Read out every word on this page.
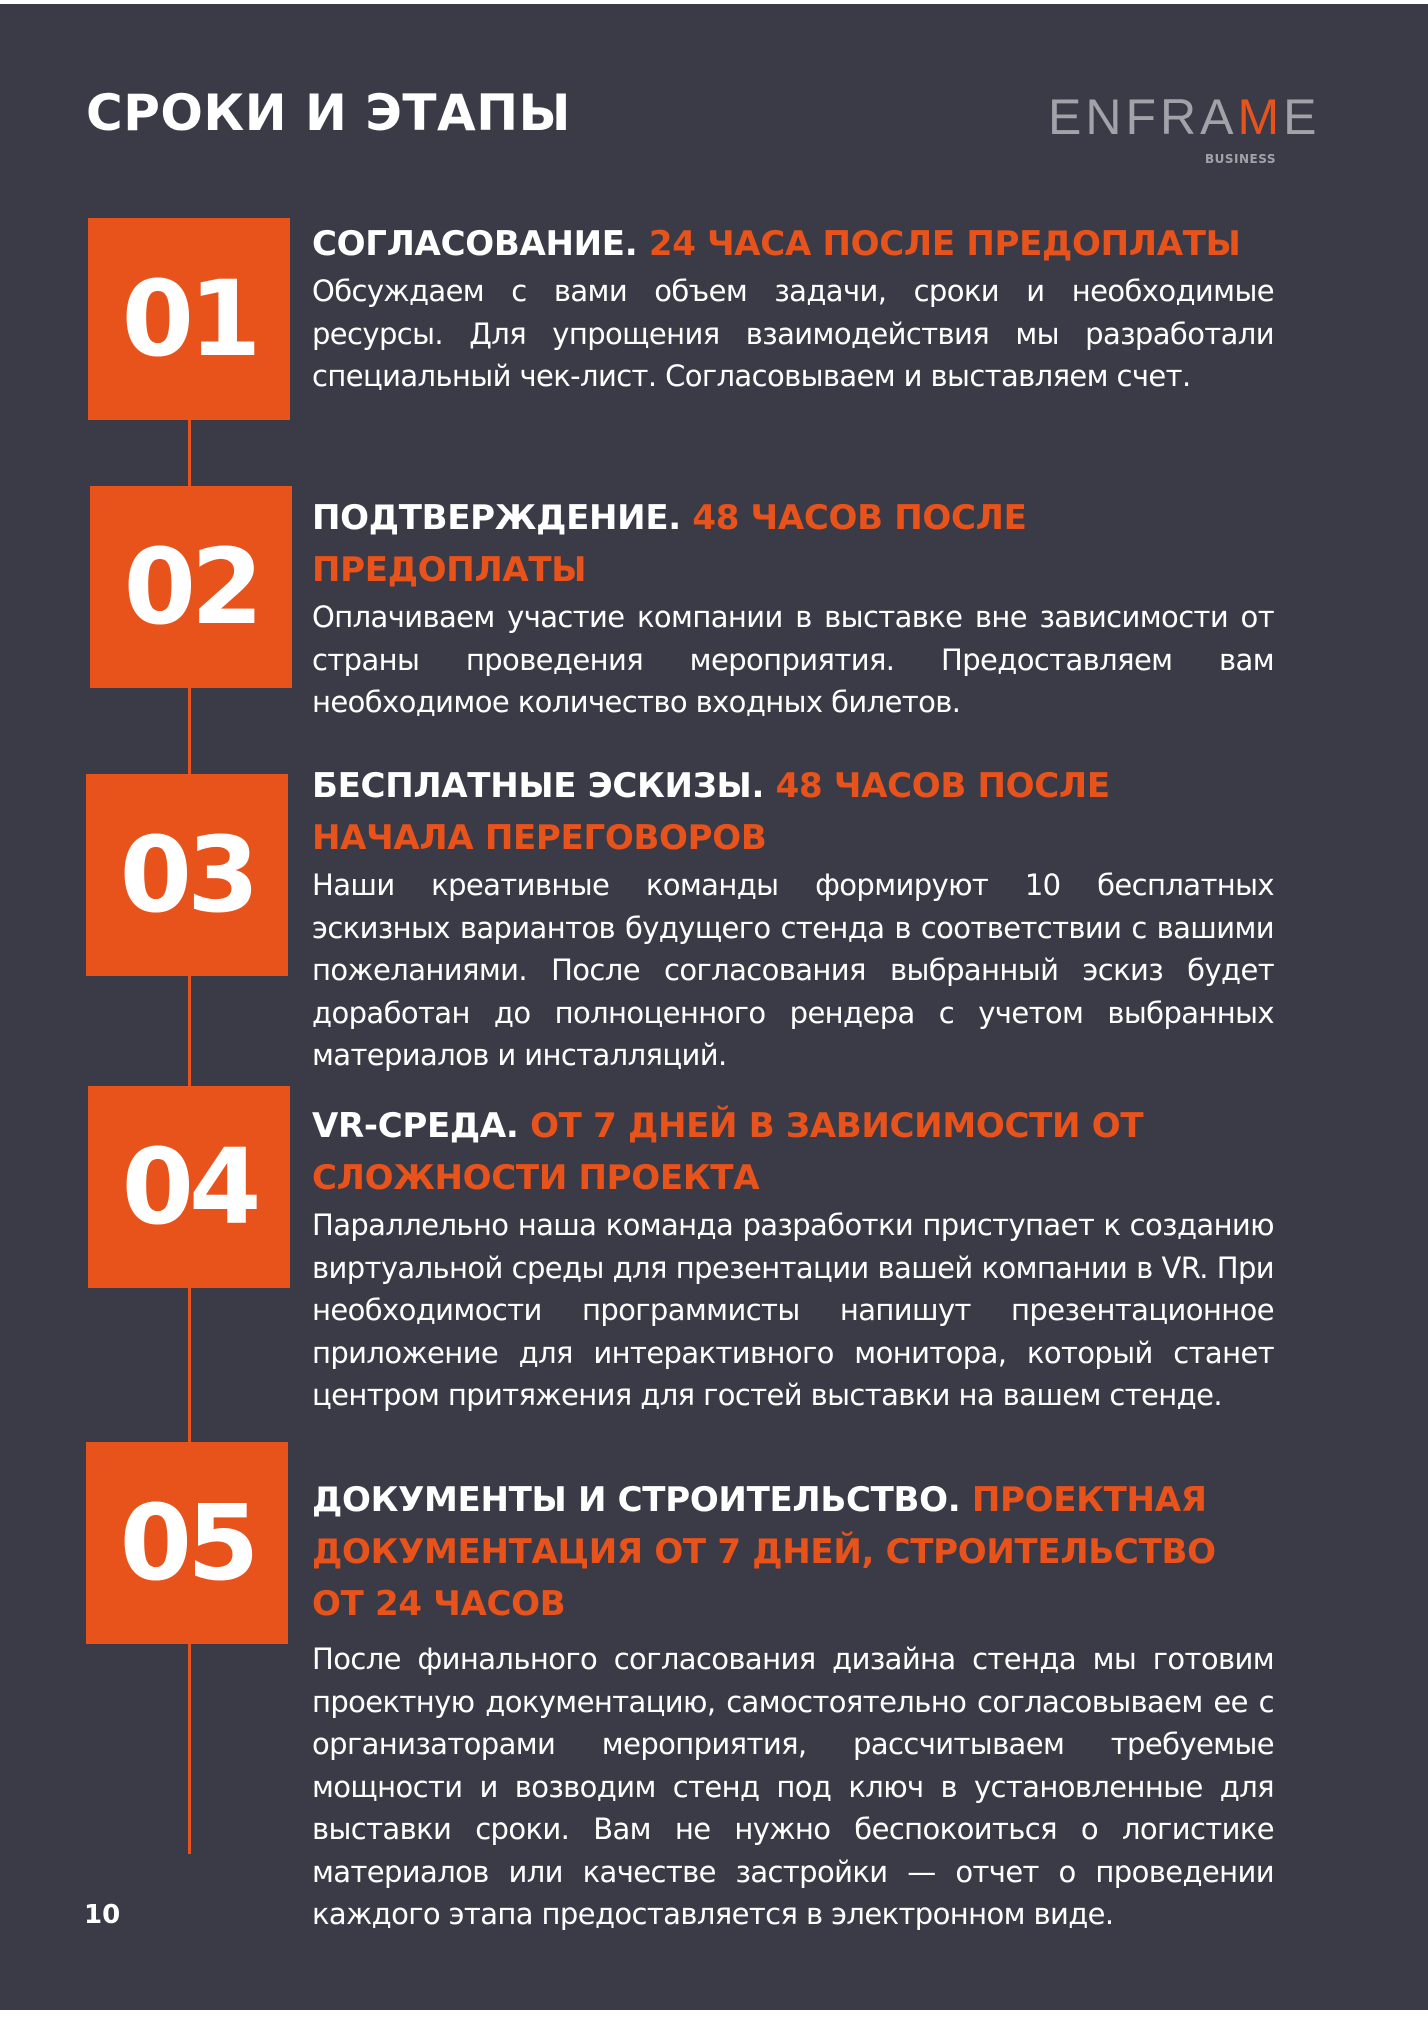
СРОКИ И ЭТАПЫ	ENFRAME
BUSINESS
01

СОГЛАСОВАНИЕ. 24 ЧАСА ПОСЛЕ ПРЕДОПЛАТЫ

Обсуждаем с вами объем задачи, сроки и необходимые ресурсы. Для упрощения взаимодействия мы разработали специальный чек-лист. Согласовываем и выставляем счет.

02

ПОДТВЕРЖДЕНИЕ. 48 ЧАСОВ ПОСЛЕ ПРЕДОПЛАТЫ

Оплачиваем участие компании в выставке вне зависимости от страны проведения мероприятия. Предоставляем вам необходимое количество входных билетов.

03

БЕСПЛАТНЫЕ ЭСКИЗЫ. 48 ЧАСОВ ПОСЛЕ НАЧАЛА ПЕРЕГОВОРОВ

Наши креативные команды формируют 10 бесплатных эскизных вариантов будущего стенда в соответствии с вашими пожеланиями. После согласования выбранный эскиз будет доработан до полноценного рендера с учетом выбранных материалов и инсталляций.

04	VR-СРЕДА. ОТ 7 ДНЕЙ В ЗАВИСИМОСТИ ОТ СЛОЖНОСТИ ПРОЕКТА

Параллельно наша команда разработки приступает к созданию виртуальной среды для презентации вашей компании в VR. При необходимости программисты напишут презентационное приложение для интерактивного монитора, который станет центром притяжения для гостей выставки на вашем стенде.

05	ДОКУМЕНТЫ И СТРОИТЕЛЬСТВО. ПРОЕКТНАЯ ДОКУМЕНТАЦИЯ ОТ 7 ДНЕЙ, СТРОИТЕЛЬСТВО ОТ 24 ЧАСОВ

После финального согласования дизайна стенда мы готовим проектную документацию, самостоятельно согласовываем ее с организаторами мероприятия, рассчитываем требуемые мощности и возводим стенд под ключ в установленные для выставки сроки. Вам не нужно беспокоиться о логистике материалов или качестве застройки — отчет о проведении каждого этапа предоставляется в электронном виде.

10
